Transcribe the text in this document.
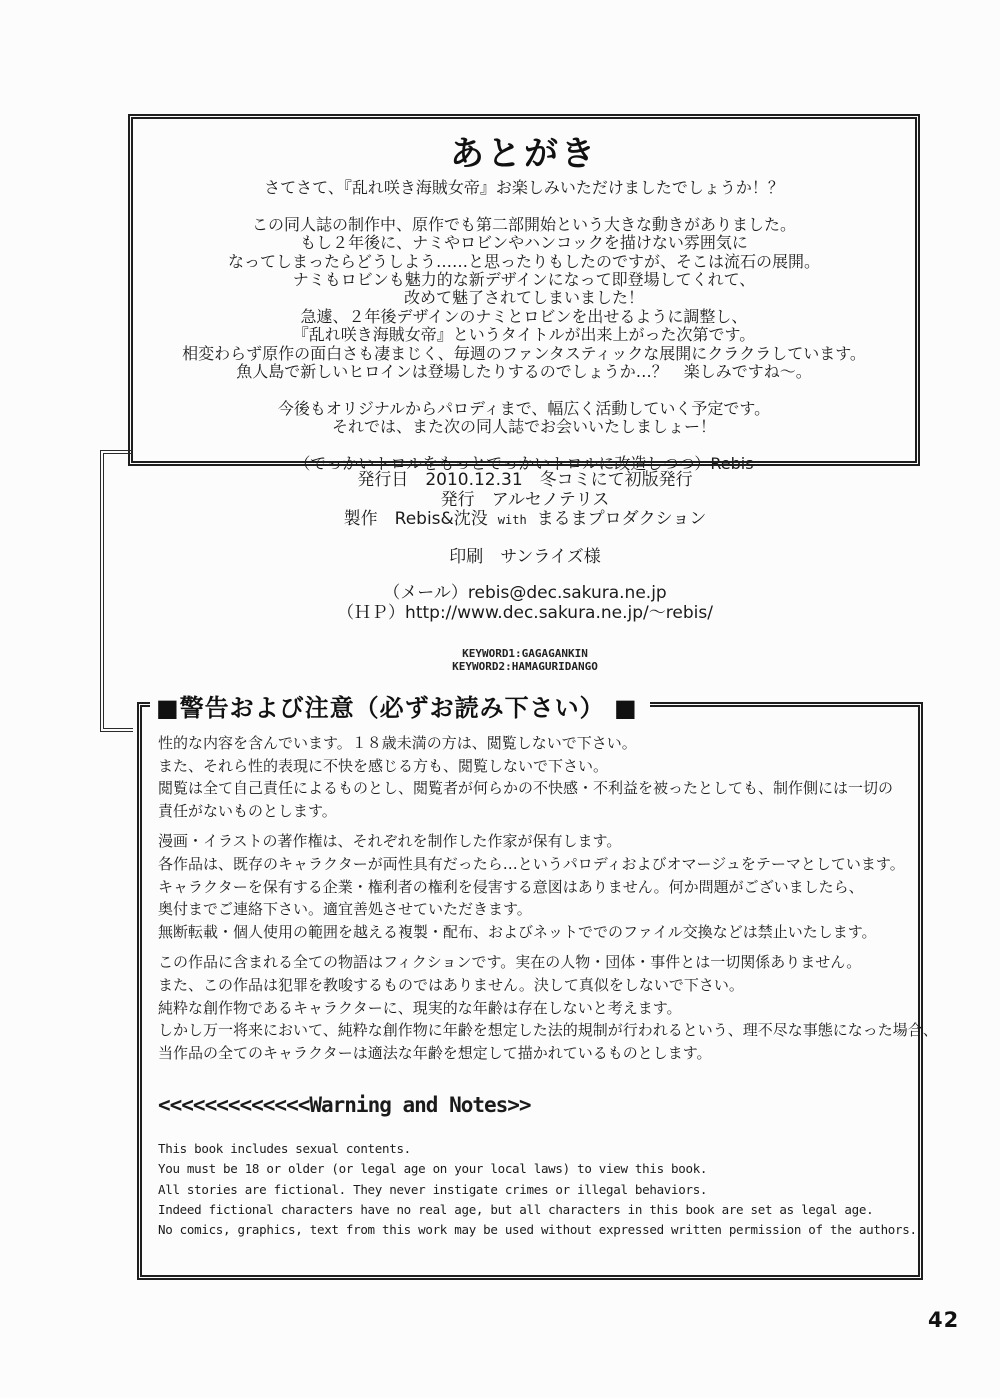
あとがき
さてさて、『乱れ咲き海賊女帝』お楽しみいただけましたでしょうか！？
この同人誌の制作中、原作でも第二部開始という大きな動きがありました。
もし２年後に、ナミやロビンやハンコックを描けない雰囲気に
なってしまったらどうしよう……と思ったりもしたのですが、そこは流石の展開。
ナミもロビンも魅力的な新デザインになって即登場してくれて、
改めて魅了されてしまいました！
急遽、２年後デザインのナミとロビンを出せるように調整し、
『乱れ咲き海賊女帝』というタイトルが出来上がった次第です。
相変わらず原作の面白さも凄まじく、毎週のファンタスティックな展開にクラクラしています。
魚人島で新しいヒロインは登場したりするのでしょうか…？　楽しみですね～。
今後もオリジナルからパロディまで、幅広く活動していく予定です。
それでは、また次の同人誌でお会いいたしましょー！
（でっかいトロルをもっとでっかいトロルに改造しつつ）Rebis
発行日　2010.12.31　冬コミにて初版発行
発行　アルセノテリス
製作　Rebis&沈没 with まるまプロダクション
印刷　サンライズ様
（メール）rebis@dec.sakura.ne.jp
（ＨＰ）http://www.dec.sakura.ne.jp/～rebis/
KEYWORD1:GAGAGANKIN
KEYWORD2:HAMAGURIDANGO
■警告および注意（必ずお読み下さい） ■

性的な内容を含んでいます。１８歳未満の方は、閲覧しないで下さい。
また、それら性的表現に不快を感じる方も、閲覧しないで下さい。
閲覧は全て自己責任によるものとし、閲覧者が何らかの不快感・不利益を被ったとしても、制作側には一切の
責任がないものとします。

漫画・イラストの著作権は、それぞれを制作した作家が保有します。
各作品は、既存のキャラクターが両性具有だったら…というパロディおよびオマージュをテーマとしています。
キャラクターを保有する企業・権利者の権利を侵害する意図はありません。何か問題がございましたら、
奥付までご連絡下さい。適宜善処させていただきます。
無断転載・個人使用の範囲を越える複製・配布、およびネットででのファイル交換などは禁止いたします。

この作品に含まれる全ての物語はフィクションです。実在の人物・団体・事件とは一切関係ありません。
また、この作品は犯罪を教唆するものではありません。決して真似をしないで下さい。
純粋な創作物であるキャラクターに、現実的な年齢は存在しないと考えます。
しかし万一将来において、純粋な創作物に年齢を想定した法的規制が行われるという、理不尽な事態になった場合、
当作品の全てのキャラクターは適法な年齢を想定して描かれているものとします。

<<<<<<<<<<<<<Warning and Notes>>
This book includes sexual contents.
You must be 18 or older (or legal age on your local laws) to view this book.
All stories are fictional. They never instigate crimes or illegal behaviors.
Indeed fictional characters have no real age, but all characters in this book are set as legal age.
No comics, graphics, text from this work may be used without expressed written permission of the authors.
42
